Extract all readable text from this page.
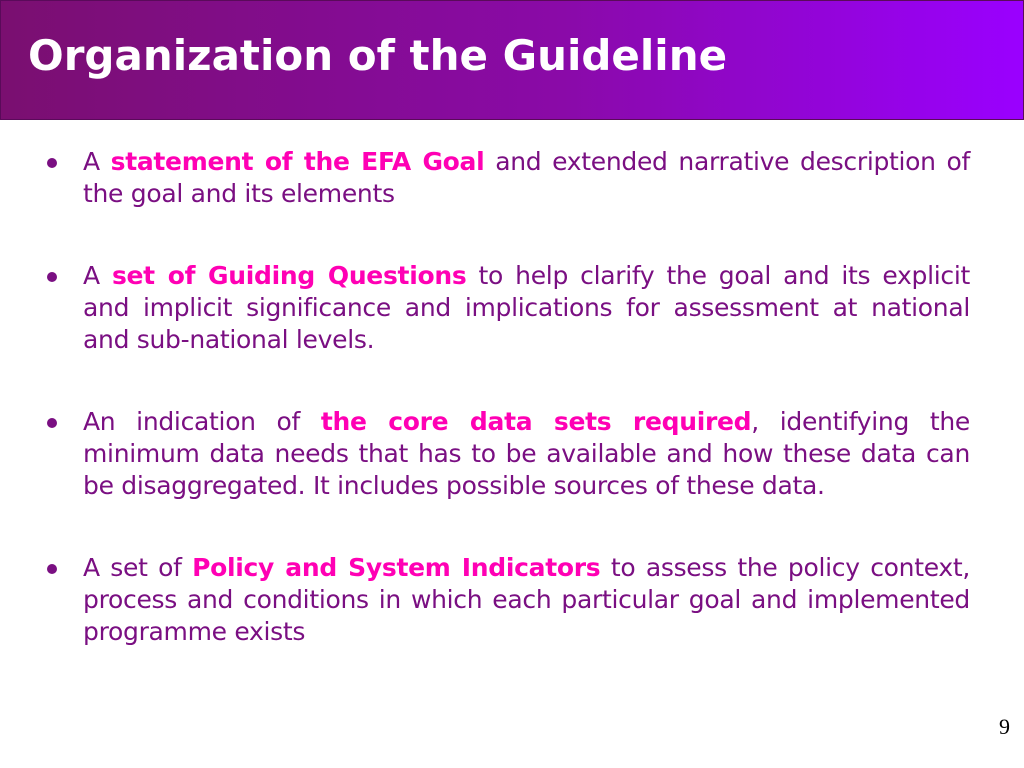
Organization of the Guideline
A statement of the EFA Goal and extended narrative description of the goal and its elements
A set of Guiding Questions to help clarify the goal and its explicit and implicit significance and implications for assessment at national and sub-national levels.
An indication of the core data sets required, identifying the minimum data needs that has to be available and how these data can be disaggregated. It includes possible sources of these data.
A set of Policy and System Indicators to assess the policy context, process and conditions in which each particular goal and implemented programme exists
9
